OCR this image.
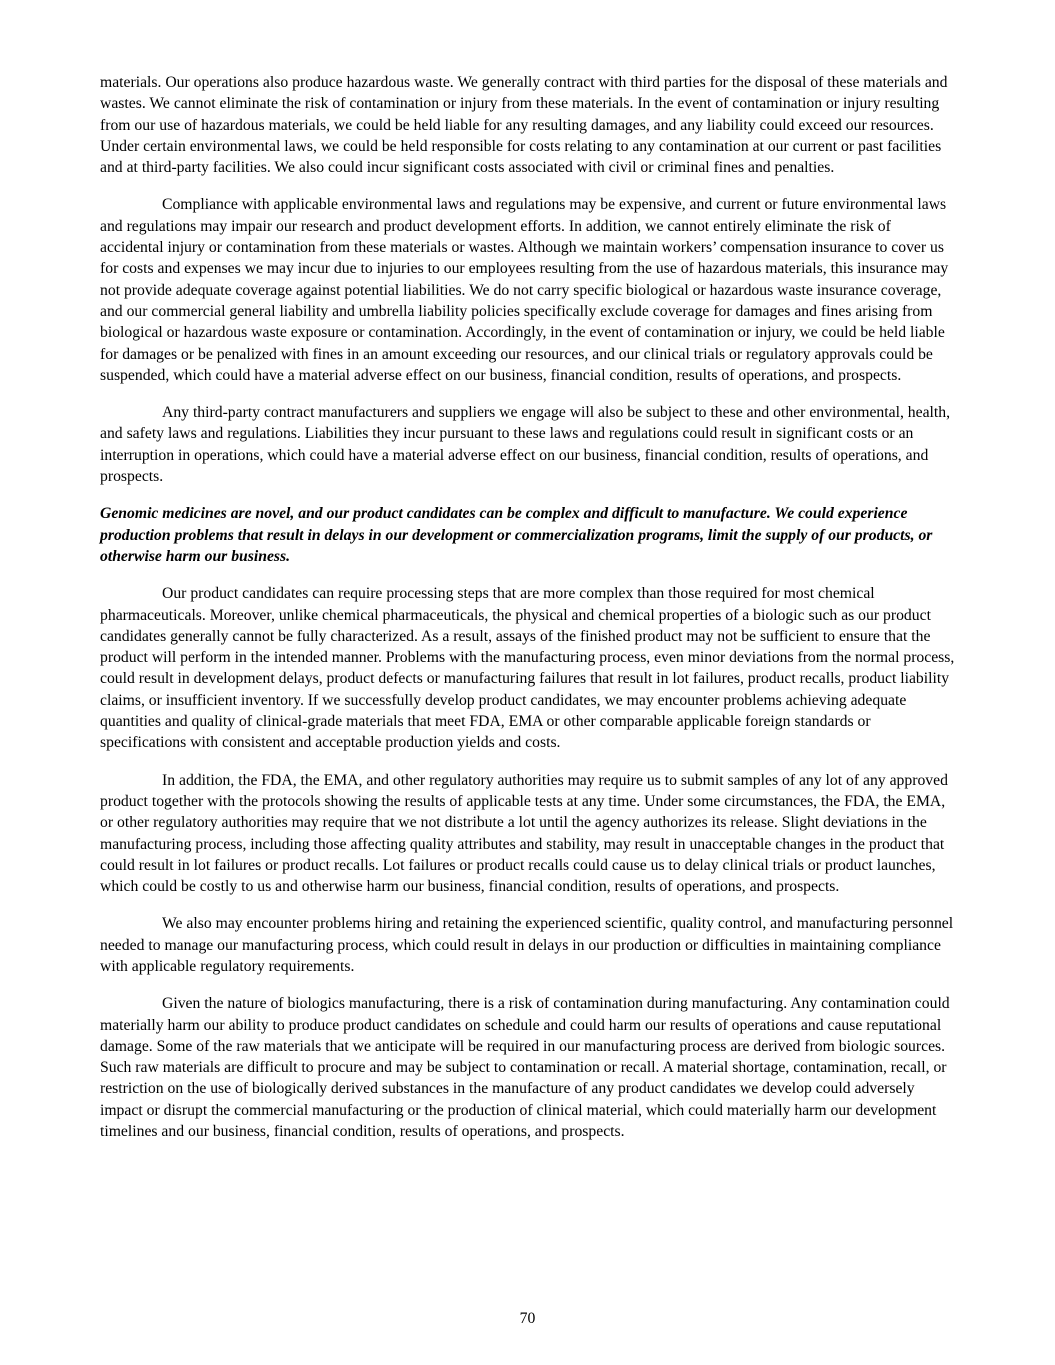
materials. Our operations also produce hazardous waste. We generally contract with third parties for the disposal of these materials and wastes. We cannot eliminate the risk of contamination or injury from these materials. In the event of contamination or injury resulting from our use of hazardous materials, we could be held liable for any resulting damages, and any liability could exceed our resources. Under certain environmental laws, we could be held responsible for costs relating to any contamination at our current or past facilities and at third-party facilities. We also could incur significant costs associated with civil or criminal fines and penalties.

Compliance with applicable environmental laws and regulations may be expensive, and current or future environmental laws and regulations may impair our research and product development efforts. In addition, we cannot entirely eliminate the risk of accidental injury or contamination from these materials or wastes. Although we maintain workers’ compensation insurance to cover us for costs and expenses we may incur due to injuries to our employees resulting from the use of hazardous materials, this insurance may not provide adequate coverage against potential liabilities. We do not carry specific biological or hazardous waste insurance coverage, and our commercial general liability and umbrella liability policies specifically exclude coverage for damages and fines arising from biological or hazardous waste exposure or contamination. Accordingly, in the event of contamination or injury, we could be held liable for damages or be penalized with fines in an amount exceeding our resources, and our clinical trials or regulatory approvals could be suspended, which could have a material adverse effect on our business, financial condition, results of operations, and prospects.

Any third-party contract manufacturers and suppliers we engage will also be subject to these and other environmental, health, and safety laws and regulations. Liabilities they incur pursuant to these laws and regulations could result in significant costs or an interruption in operations, which could have a material adverse effect on our business, financial condition, results of operations, and prospects.

Genomic medicines are novel, and our product candidates can be complex and difficult to manufacture. We could experience production problems that result in delays in our development or commercialization programs, limit the supply of our products, or otherwise harm our business.

Our product candidates can require processing steps that are more complex than those required for most chemical pharmaceuticals. Moreover, unlike chemical pharmaceuticals, the physical and chemical properties of a biologic such as our product candidates generally cannot be fully characterized. As a result, assays of the finished product may not be sufficient to ensure that the product will perform in the intended manner. Problems with the manufacturing process, even minor deviations from the normal process, could result in development delays, product defects or manufacturing failures that result in lot failures, product recalls, product liability claims, or insufficient inventory. If we successfully develop product candidates, we may encounter problems achieving adequate quantities and quality of clinical-grade materials that meet FDA, EMA or other comparable applicable foreign standards or specifications with consistent and acceptable production yields and costs.

In addition, the FDA, the EMA, and other regulatory authorities may require us to submit samples of any lot of any approved product together with the protocols showing the results of applicable tests at any time. Under some circumstances, the FDA, the EMA, or other regulatory authorities may require that we not distribute a lot until the agency authorizes its release. Slight deviations in the manufacturing process, including those affecting quality attributes and stability, may result in unacceptable changes in the product that could result in lot failures or product recalls. Lot failures or product recalls could cause us to delay clinical trials or product launches, which could be costly to us and otherwise harm our business, financial condition, results of operations, and prospects.

We also may encounter problems hiring and retaining the experienced scientific, quality control, and manufacturing personnel needed to manage our manufacturing process, which could result in delays in our production or difficulties in maintaining compliance with applicable regulatory requirements.

Given the nature of biologics manufacturing, there is a risk of contamination during manufacturing. Any contamination could materially harm our ability to produce product candidates on schedule and could harm our results of operations and cause reputational damage. Some of the raw materials that we anticipate will be required in our manufacturing process are derived from biologic sources. Such raw materials are difficult to procure and may be subject to contamination or recall. A material shortage, contamination, recall, or restriction on the use of biologically derived substances in the manufacture of any product candidates we develop could adversely impact or disrupt the commercial manufacturing or the production of clinical material, which could materially harm our development timelines and our business, financial condition, results of operations, and prospects.

70
